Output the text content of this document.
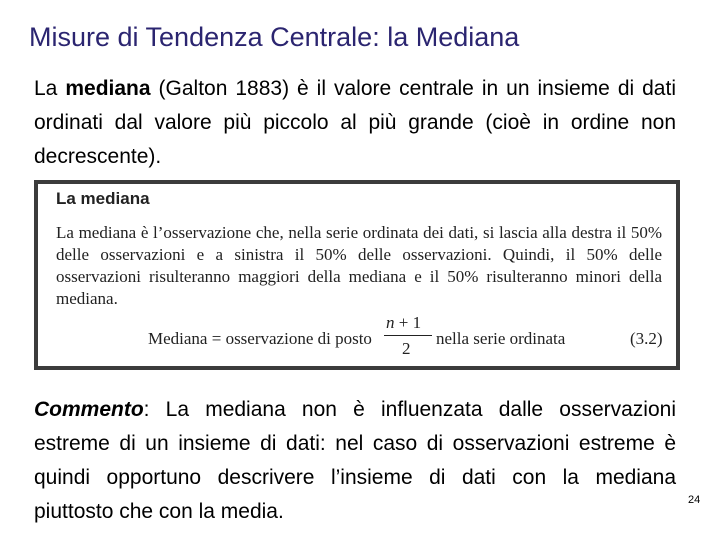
Misure di Tendenza Centrale: la Mediana
La mediana (Galton 1883) è il valore centrale in un insieme di dati ordinati dal valore più piccolo al più grande (cioè in ordine non decrescente).
La mediana
La mediana è l’osservazione che, nella serie ordinata dei dati, si lascia alla destra il 50% delle osservazioni e a sinistra il 50% delle osservazioni. Quindi, il 50% delle osservazioni risulteranno maggiori della mediana e il 50% risulteranno minori della mediana.
Mediana = osservazione di posto
n + 1
2
nella serie ordinata	(3.2)
Commento: La mediana non è influenzata dalle osservazioni estreme di un insieme di dati: nel caso di osservazioni estreme è quindi opportuno descrivere l’insieme di dati con la mediana piuttosto che con la media.	24
